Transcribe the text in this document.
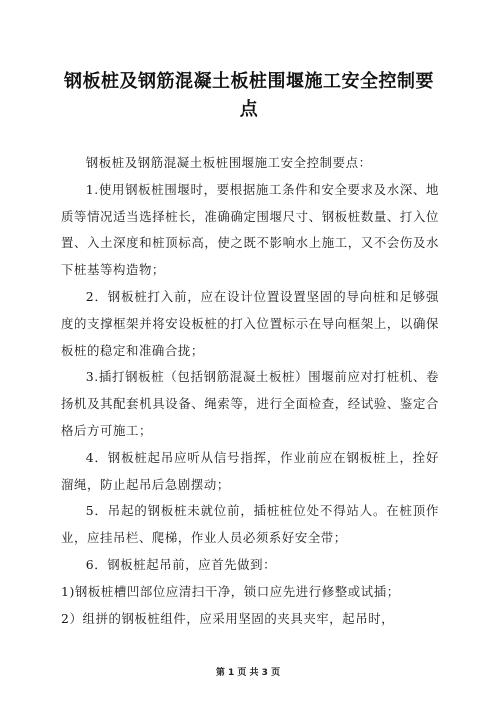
钢板桩及钢筋混凝土板桩围堰施工安全控制要点

钢板桩及钢筋混凝土板桩围堰施工安全控制要点：

1.使用钢板桩围堰时，要根据施工条件和安全要求及水深、地质等情况适当选择桩长，准确确定围堰尺寸、钢板桩数量、打入位置、入土深度和桩顶标高，使之既不影响水上施工，又不会伤及水下桩基等构造物；

2．钢板桩打入前，应在设计位置设置坚固的导向桩和足够强度的支撑框架并将安设板桩的打入位置标示在导向框架上，以确保板桩的稳定和准确合拢；

3.插打钢板桩（包括钢筋混凝土板桩）围堰前应对打桩机、卷扬机及其配套机具设备、绳索等，进行全面检查，经试验、鉴定合格后方可施工；

4．钢板桩起吊应听从信号指挥，作业前应在钢板桩上，拴好溜绳，防止起吊后急剧摆动；

5．吊起的钢板桩未就位前，插桩桩位处不得站人。在桩顶作业，应挂吊栏、爬梯，作业人员必须系好安全带；

6．钢板桩起吊前，应首先做到：

1)钢板桩槽凹部位应清扫干净，锁口应先进行修整或试插；

2）组拼的钢板桩组件，应采用坚固的夹具夹牢，起吊时，

第 1 页 共 3 页
